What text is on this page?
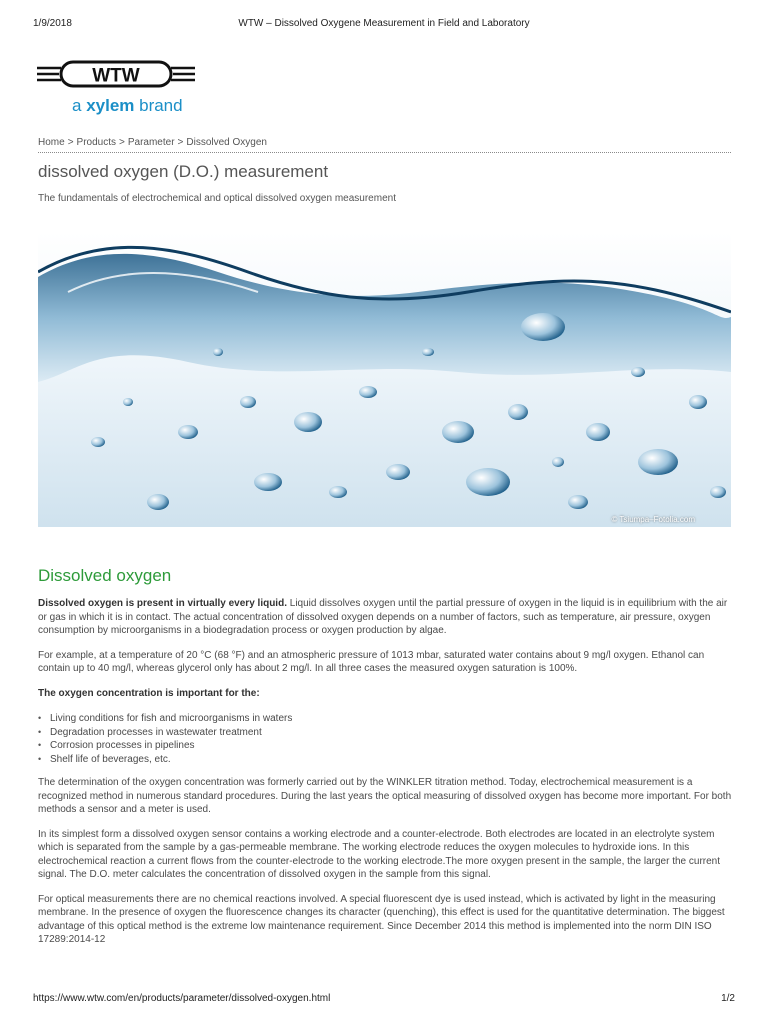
1/9/2018	WTW – Dissolved Oxygene Measurement in Field and Laboratory
WTW
a xylem brand
Home > Products > Parameter > Dissolved Oxygen
dissolved oxygen (D.O.) measurement
The fundamentals of electrochemical and optical dissolved oxygen measurement
© Tsiumpa–Fotolia.com
Dissolved oxygen

Dissolved oxygen is present in virtually every liquid. Liquid dissolves oxygen until the partial pressure of oxygen in the liquid is in equilibrium with the air or gas in which it is in contact. The actual concentration of dissolved oxygen depends on a number of factors, such as temperature, air pressure, oxygen consumption by microorganisms in a biodegradation process or oxygen production by algae.

For example, at a temperature of 20 °C (68 °F) and an atmospheric pressure of 1013 mbar, saturated water contains about 9 mg/l oxygen. Ethanol can contain up to 40 mg/l, whereas glycerol only has about 2 mg/l. In all three cases the measured oxygen saturation is 100%.

The oxygen concentration is important for the:

• Living conditions for fish and microorganisms in waters
• Degradation processes in wastewater treatment
• Corrosion processes in pipelines
• Shelf life of beverages, etc.

The determination of the oxygen concentration was formerly carried out by the WINKLER titration method. Today, electrochemical measurement is a recognized method in numerous standard procedures. During the last years the optical measuring of dissolved oxygen has become more important. For both methods a sensor and a meter is used.

In its simplest form a dissolved oxygen sensor contains a working electrode and a counter-electrode. Both electrodes are located in an electrolyte system which is separated from the sample by a gas-permeable membrane. The working electrode reduces the oxygen molecules to hydroxide ions. In this electrochemical reaction a current flows from the counter-electrode to the working electrode.The more oxygen present in the sample, the larger the current signal. The D.O. meter calculates the concentration of dissolved oxygen in the sample from this signal.

For optical measurements there are no chemical reactions involved. A special fluorescent dye is used instead, which is activated by light in the measuring membrane. In the presence of oxygen the fluorescence changes its character (quenching), this effect is used for the quantitative determination. The biggest advantage of this optical method is the extreme low maintenance requirement. Since December 2014 this method is implemented into the norm DIN ISO 17289:2014-12

https://www.wtw.com/en/products/parameter/dissolved-oxygen.html	1/2
